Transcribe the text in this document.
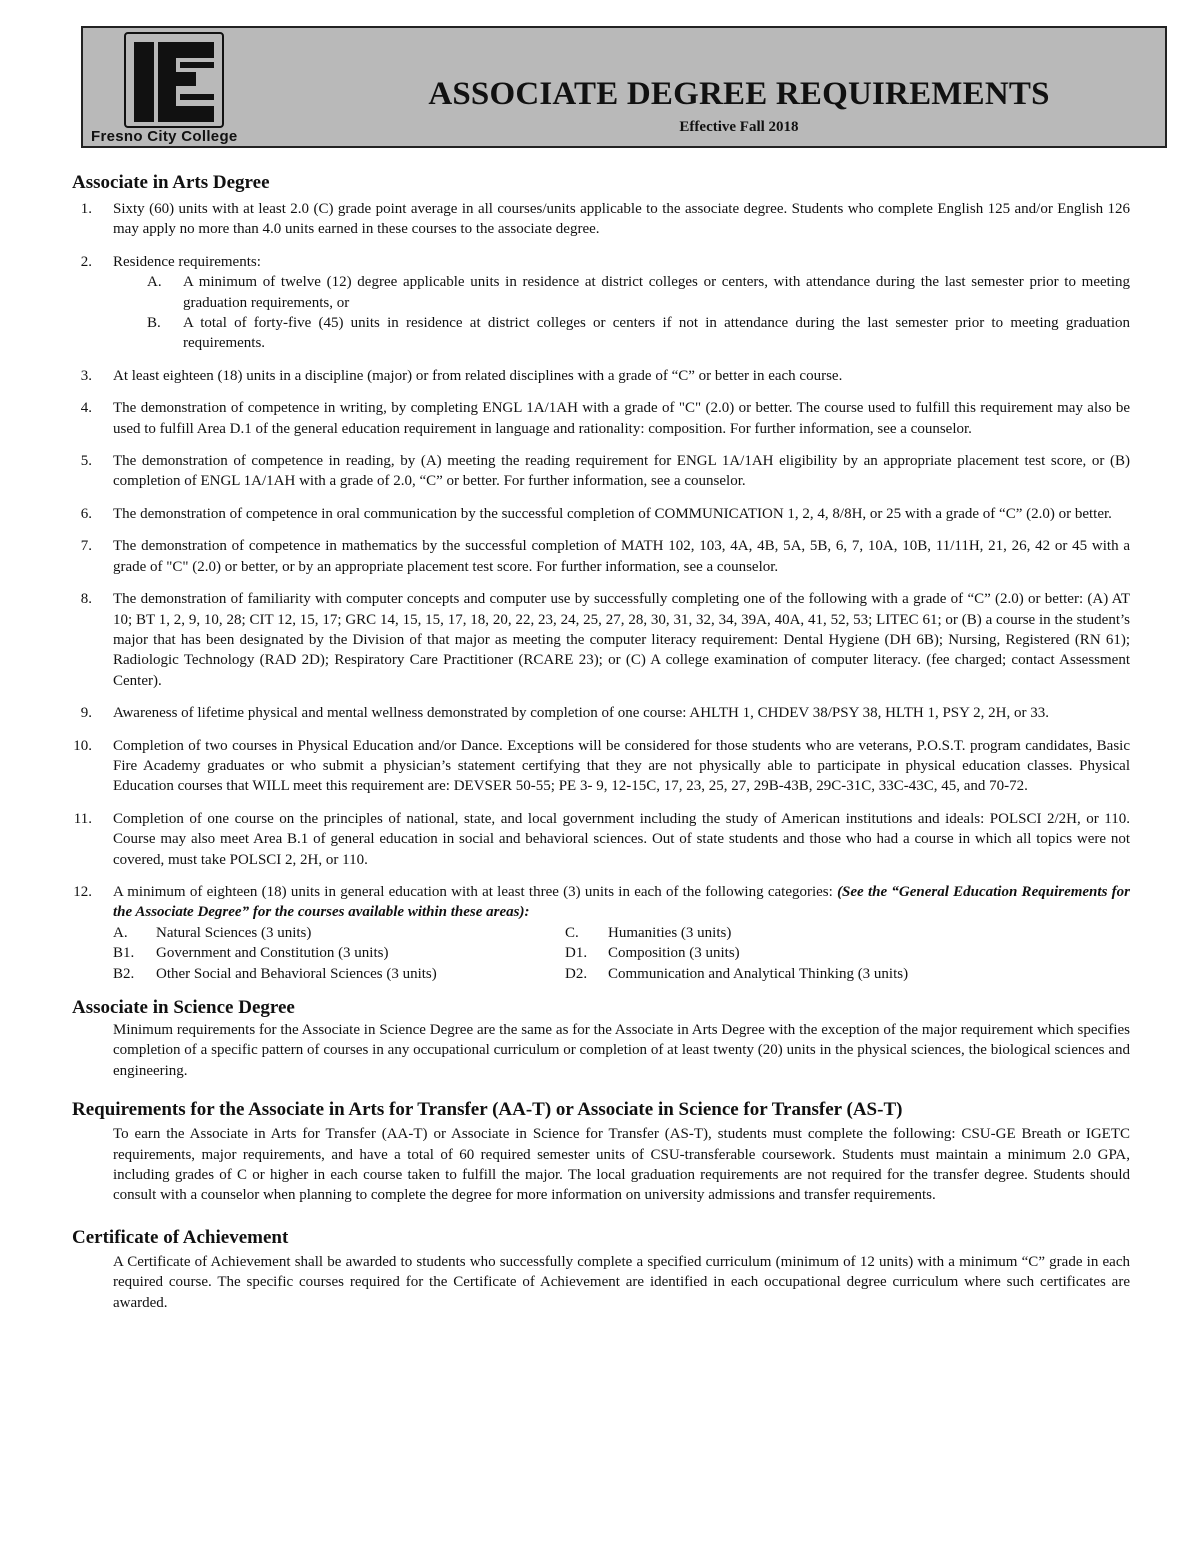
Fresno City College
ASSOCIATE DEGREE REQUIREMENTS
Effective Fall 2018
Associate in Arts Degree
1. Sixty (60) units with at least 2.0 (C) grade point average in all courses/units applicable to the associate degree. Students who complete English 125 and/or English 126 may apply no more than 4.0 units earned in these courses to the associate degree.
2. Residence requirements:
A. A minimum of twelve (12) degree applicable units in residence at district colleges or centers, with attendance during the last semester prior to meeting graduation requirements, or
B. A total of forty-five (45) units in residence at district colleges or centers if not in attendance during the last semester prior to meeting graduation requirements.
3. At least eighteen (18) units in a discipline (major) or from related disciplines with a grade of “C” or better in each course.
4. The demonstration of competence in writing, by completing ENGL 1A/1AH with a grade of "C" (2.0) or better. The course used to fulfill this requirement may also be used to fulfill Area D.1 of the general education requirement in language and rationality: composition. For further information, see a counselor.
5. The demonstration of competence in reading, by (A) meeting the reading requirement for ENGL 1A/1AH eligibility by an appropriate placement test score, or (B) completion of ENGL 1A/1AH with a grade of 2.0, “C” or better. For further information, see a counselor.
6. The demonstration of competence in oral communication by the successful completion of COMMUNICATION 1, 2, 4, 8/8H, or 25 with a grade of “C” (2.0) or better.
7. The demonstration of competence in mathematics by the successful completion of MATH 102, 103, 4A, 4B, 5A, 5B, 6, 7, 10A, 10B, 11/11H, 21, 26, 42 or 45 with a grade of "C" (2.0) or better, or by an appropriate placement test score. For further information, see a counselor.
8. The demonstration of familiarity with computer concepts and computer use by successfully completing one of the following with a grade of “C” (2.0) or better: (A) AT 10; BT 1, 2, 9, 10, 28; CIT 12, 15, 17; GRC 14, 15, 15, 17, 18, 20, 22, 23, 24, 25, 27, 28, 30, 31, 32, 34, 39A, 40A, 41, 52, 53; LITEC 61; or (B) a course in the student’s major that has been designated by the Division of that major as meeting the computer literacy requirement: Dental Hygiene (DH 6B); Nursing, Registered (RN 61); Radiologic Technology (RAD 2D); Respiratory Care Practitioner (RCARE 23); or (C) A college examination of computer literacy. (fee charged; contact Assessment Center).
9. Awareness of lifetime physical and mental wellness demonstrated by completion of one course: AHLTH 1, CHDEV 38/PSY 38, HLTH 1, PSY 2, 2H, or 33.
10. Completion of two courses in Physical Education and/or Dance. Exceptions will be considered for those students who are veterans, P.O.S.T. program candidates, Basic Fire Academy graduates or who submit a physician’s statement certifying that they are not physically able to participate in physical education classes. Physical Education courses that WILL meet this requirement are: DEVSER 50-55; PE 3- 9, 12-15C, 17, 23, 25, 27, 29B-43B, 29C-31C, 33C-43C, 45, and 70-72.
11. Completion of one course on the principles of national, state, and local government including the study of American institutions and ideals: POLSCI 2/2H, or 110. Course may also meet Area B.1 of general education in social and behavioral sciences. Out of state students and those who had a course in which all topics were not covered, must take POLSCI 2, 2H, or 110.
12. A minimum of eighteen (18) units in general education with at least three (3) units in each of the following categories: (See the “General Education Requirements for the Associate Degree” for the courses available within these areas):
A.	Natural Sciences (3 units)	C.	Humanities (3 units)
B1.	Government and Constitution (3 units)	D1.	Composition (3 units)
B2.	Other Social and Behavioral Sciences (3 units)	D2.	Communication and Analytical Thinking (3 units)
Associate in Science Degree

Minimum requirements for the Associate in Science Degree are the same as for the Associate in Arts Degree with the exception of the major requirement which specifies completion of a specific pattern of courses in any occupational curriculum or completion of at least twenty (20) units in the physical sciences, the biological sciences and engineering.

Requirements for the Associate in Arts for Transfer (AA-T) or Associate in Science for Transfer (AS-T)

To earn the Associate in Arts for Transfer (AA-T) or Associate in Science for Transfer (AS-T), students must complete the following: CSU-GE Breath or IGETC requirements, major requirements, and have a total of 60 required semester units of CSU-transferable coursework. Students must maintain a minimum 2.0 GPA, including grades of C or higher in each course taken to fulfill the major. The local graduation requirements are not required for the transfer degree. Students should consult with a counselor when planning to complete the degree for more information on university admissions and transfer requirements.

Certificate of Achievement

A Certificate of Achievement shall be awarded to students who successfully complete a specified curriculum (minimum of 12 units) with a minimum “C” grade in each required course. The specific courses required for the Certificate of Achievement are identified in each occupational degree curriculum where such certificates are awarded.
